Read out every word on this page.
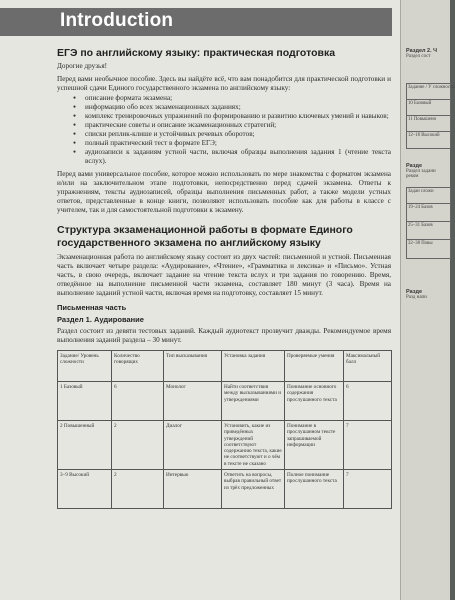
Introduction
ЕГЭ по английскому языку: практическая подготовка

Дорогие друзья!

Перед вами необычное пособие. Здесь вы найдёте всё, что вам понадобится для практической подготовки и успешной сдачи Единого государственного экзамена по английскому языку:

● описание формата экзамена;
● информацию обо всех экзаменационных заданиях;
● комплекс тренировочных упражнений по формированию и развитию ключевых умений и навыков;
● практические советы и описание экзаменационных стратегий;
● списки реплик-клише и устойчивых речевых оборотов;
● полный практический тест в формате ЕГЭ;
● аудиозаписи к заданиям устной части, включая образцы выполнения задания 1 (чтение текста вслух).

Перед вами универсальное пособие, которое можно использовать по мере знакомства с форматом экзамена и/или на заключительном этапе подготовки, непосредственно перед сдачей экзамена. Ответы к упражнениям, тексты аудиозаписей, образцы выполнения письменных работ, а также модели устных ответов, представленные в конце книги, позволяют использовать пособие как для работы в классе с учителем, так и для самостоятельной подготовки к экзамену.

Структура экзаменационной работы в формате Единого государственного экзамена по английскому языку

Экзаменационная работа по английскому языку состоит из двух частей: письменной и устной. Письменная часть включает четыре раздела: «Аудирование», «Чтение», «Грамматика и лексика» и «Письмо». Устная часть, в свою очередь, включает задание на чтение текста вслух и три задания по говорению. Время, отведённое на выполнение письменной части экзамена, составляет 180 минут (3 часа). Время на выполнение заданий устной части, включая время на подготовку, составляет 15 минут.

Письменная часть
Раздел 1. Аудирование

Раздел состоит из девяти тестовых заданий. Каждый аудиотекст прозвучит дважды. Рекомендуемое время выполнения заданий раздела – 30 минут.

Задание/ Уровень сложности	Количество говорящих	Тип высказывания	Установка задания	Проверяемые умения	Максимальный балл
1 Базовый	6	Монолог	Найти соответствия между высказываниями и утверждениями	Понимание основного содержания прослушанного текста	6
2 Повышенный	2	Диалог	Установить, какие из приведённых утверждений соответствуют содержанию текста, какие не соответствуют и о чём в тексте не сказано	Понимание в прослушанном тексте запрашиваемой информации	7
3–9 Высокий	2	Интервью	Ответить на вопросы, выбрав правильный ответ из трёх предложенных	Полное понимание прослушанного текста	7
Раздел 2. Ч
Раздел сост
Задание / У сложности
10 Базовый
11 Повышенн
12–18 Высокий
Разде
Раздел задани реком
Задан сложн
19–24 Базов
25–31 Базов
32–38 Повы
Разде
Разд напи
